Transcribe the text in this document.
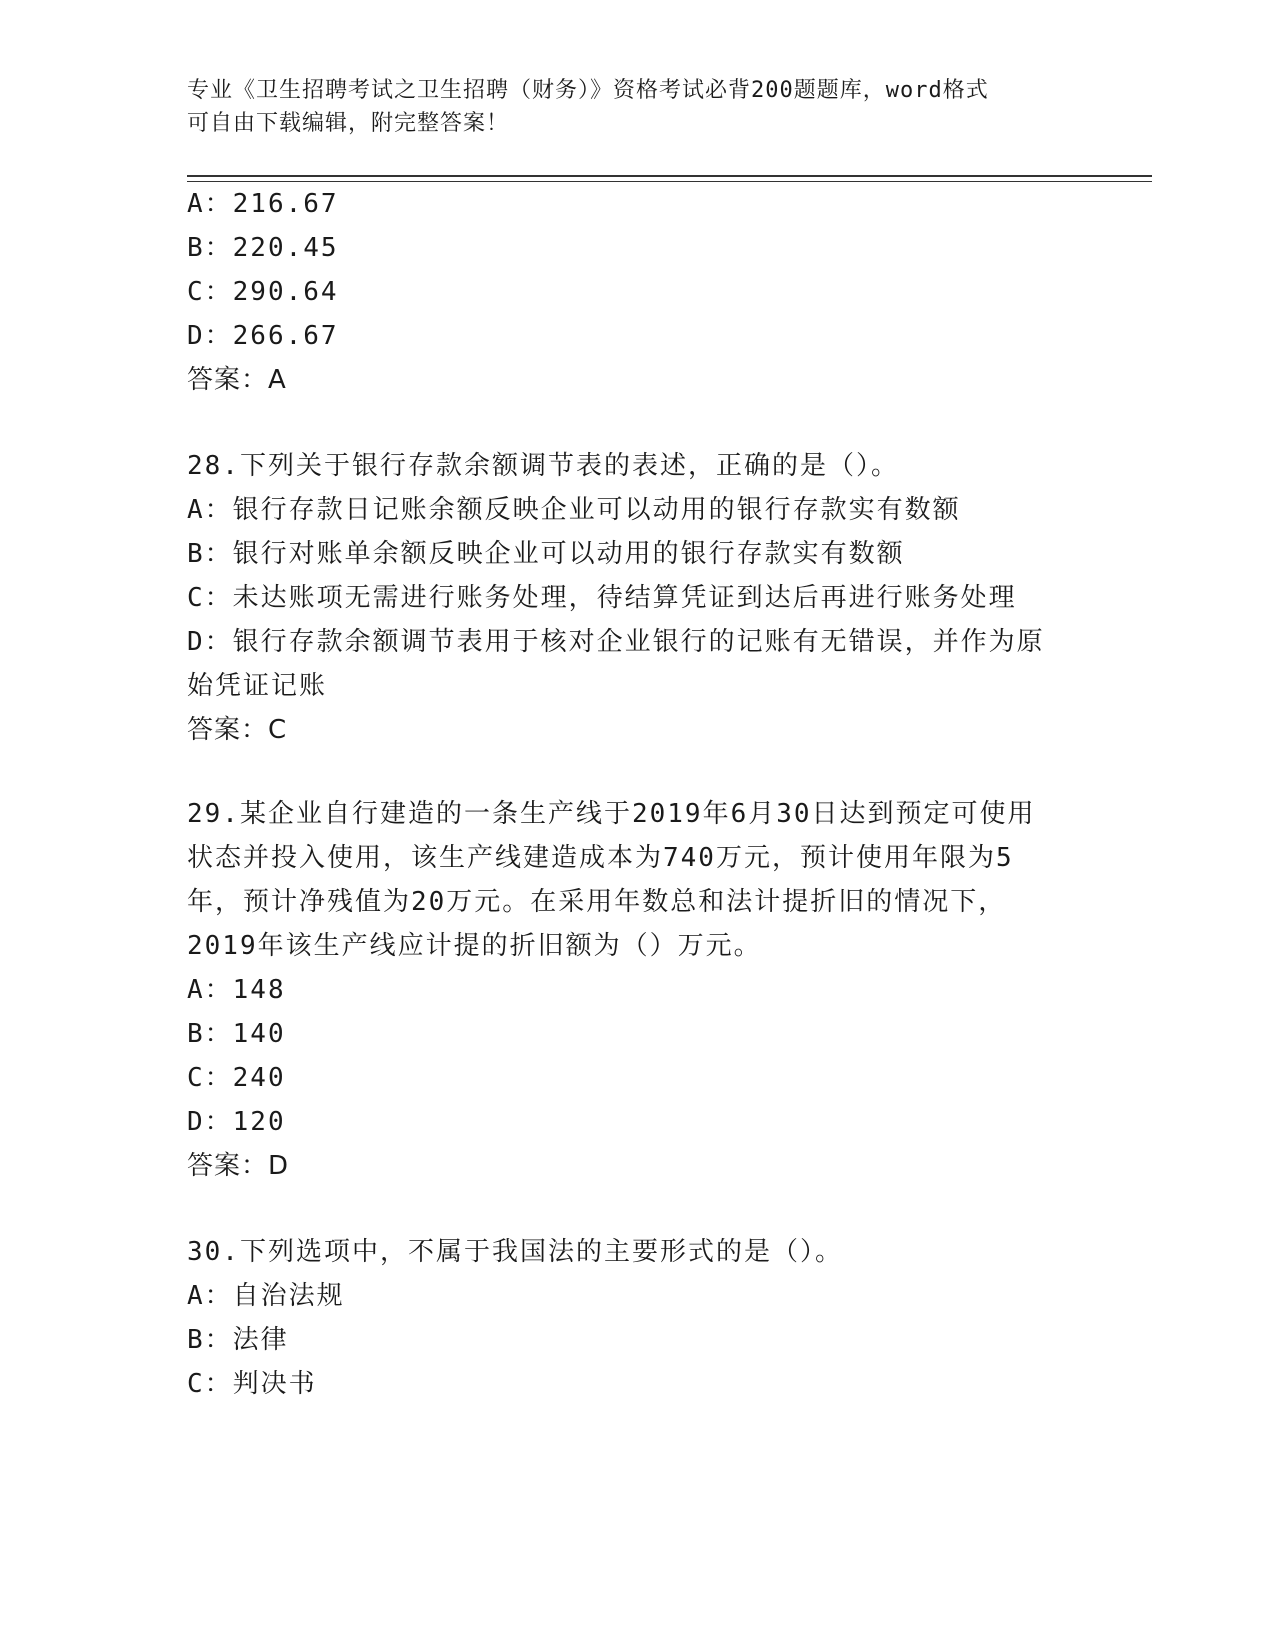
专业《卫生招聘考试之卫生招聘（财务）》资格考试必背200题题库，word格式
可自由下载编辑，附完整答案！
A：216.67
B：220.45
C：290.64
D：266.67
答案：A
28.下列关于银行存款余额调节表的表述，正确的是（）。
A：银行存款日记账余额反映企业可以动用的银行存款实有数额
B：银行对账单余额反映企业可以动用的银行存款实有数额
C：未达账项无需进行账务处理，待结算凭证到达后再进行账务处理
D：银行存款余额调节表用于核对企业银行的记账有无错误，并作为原
始凭证记账
答案：C
29.某企业自行建造的一条生产线于2019年6月30日达到预定可使用
状态并投入使用，该生产线建造成本为740万元，预计使用年限为5
年，预计净残值为20万元。在采用年数总和法计提折旧的情况下，
2019年该生产线应计提的折旧额为（）万元。
A：148
B：140
C：240
D：120
答案：D
30.下列选项中，不属于我国法的主要形式的是（）。
A：自治法规
B：法律
C：判决书
